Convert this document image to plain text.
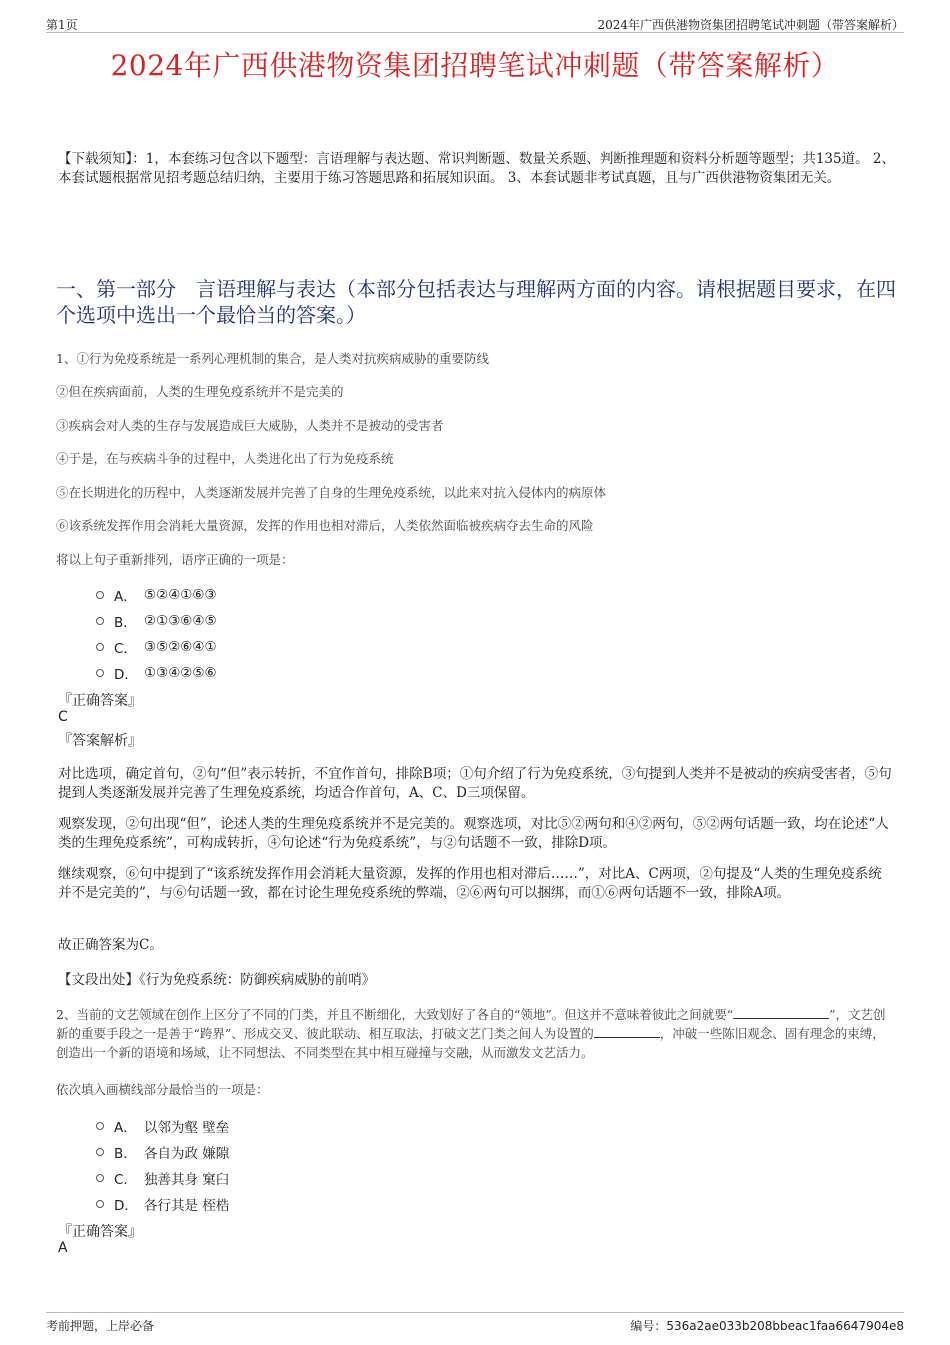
第1页	2024年广西供港物资集团招聘笔试冲刺题（带答案解析）
2024年广西供港物资集团招聘笔试冲刺题（带答案解析）
【下载须知】：1，本套练习包含以下题型：言语理解与表达题、常识判断题、数量关系题、判断推理题和资料分析题等题型；共135道。 2、本套试题根据常见招考题总结归纳，主要用于练习答题思路和拓展知识面。 3、本套试题非考试真题，且与广西供港物资集团无关。
一、第一部分　言语理解与表达（本部分包括表达与理解两方面的内容。请根据题目要求，在四个选项中选出一个最恰当的答案。）
1、①行为免疫系统是一系列心理机制的集合，是人类对抗疾病威胁的重要防线
②但在疾病面前，人类的生理免疫系统并不是完美的
③疾病会对人类的生存与发展造成巨大威胁，人类并不是被动的受害者
④于是，在与疾病斗争的过程中，人类进化出了行为免疫系统
⑤在长期进化的历程中，人类逐渐发展并完善了自身的生理免疫系统，以此来对抗入侵体内的病原体
⑥该系统发挥作用会消耗大量资源，发挥的作用也相对滞后，人类依然面临被疾病夺去生命的风险
将以上句子重新排列，语序正确的一项是：
A． ⑤②④①⑥③
B． ②①③⑥④⑤
C． ③⑤②⑥④①
D． ①③④②⑤⑥
『正确答案』
C
『答案解析』
对比选项，确定首句，②句“但”表示转折，不宜作首句，排除B项；①句介绍了行为免疫系统，③句提到人类并不是被动的疾病受害者，⑤句提到人类逐渐发展并完善了生理免疫系统，均适合作首句，A、C、D三项保留。
观察发现，②句出现“但”，论述人类的生理免疫系统并不是完美的。观察选项，对比⑤②两句和④②两句，⑤②两句话题一致，均在论述“人类的生理免疫系统”，可构成转折，④句论述“行为免疫系统”，与②句话题不一致，排除D项。
继续观察，⑥句中提到了“该系统发挥作用会消耗大量资源，发挥的作用也相对滞后……”，对比A、C两项，②句提及“人类的生理免疫系统并不是完美的”，与⑥句话题一致，都在讨论生理免疫系统的弊端，②⑥两句可以捆绑，而①⑥两句话题不一致，排除A项。
故正确答案为C。
【文段出处】《行为免疫系统：防御疾病威胁的前哨》
2、当前的文艺领域在创作上区分了不同的门类，并且不断细化，大致划好了各自的“领地”。但这并不意味着彼此之间就要“	”，文艺创新的重要手段之一是善于“跨界”、形成交叉、彼此联动、相互取法，打破文艺门类之间人为设置的	，冲破一些陈旧观念、固有理念的束缚，创造出一个新的语境和场域，让不同想法、不同类型在其中相互碰撞与交融，从而激发文艺活力。
依次填入画横线部分最恰当的一项是：
A． 以邻为壑 壁垒
B． 各自为政 嫌隙
C． 独善其身 窠臼
D． 各行其是 桎梏
『正确答案』
A
考前押题，上岸必备	编号：536a2ae033b208bbeac1faa6647904e8
